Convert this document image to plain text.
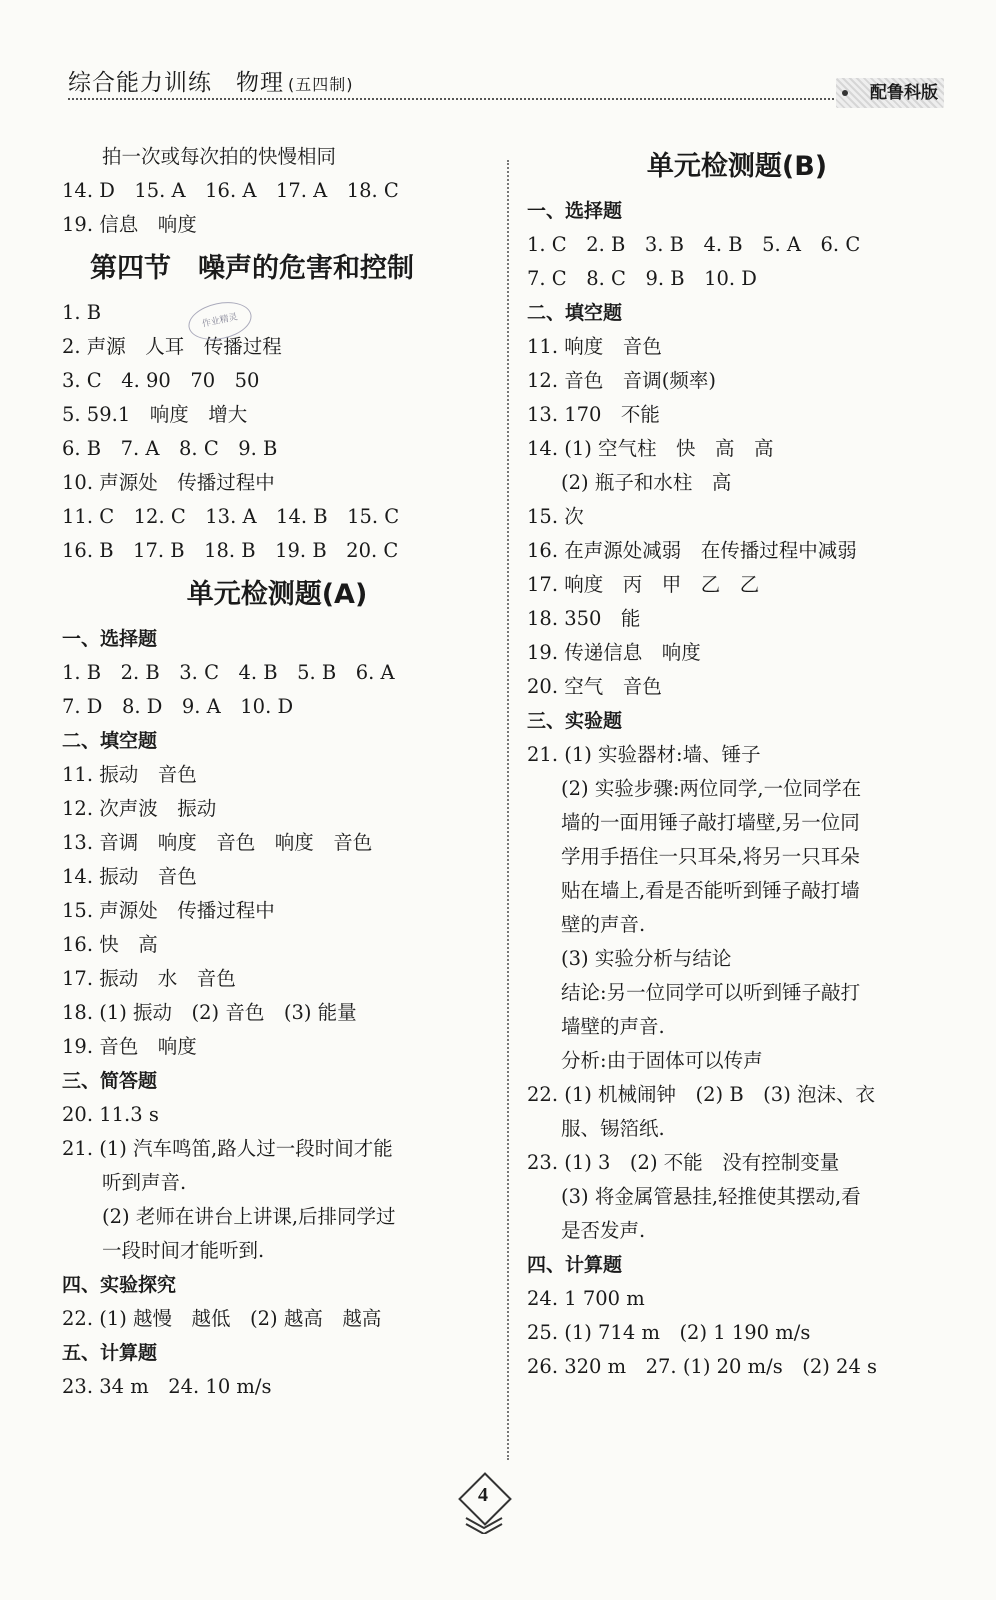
综合能力训练　物理 (五四制)	配鲁科版
拍一次或每次拍的快慢相同
14. D　15. A　16. A　17. A　18. C
19. 信息　响度
第四节　噪声的危害和控制
1. B
2. 声源　人耳　传播过程
3. C　4. 90　70　50
5. 59.1　响度　增大
6. B　7. A　8. C　9. B
10. 声源处　传播过程中
11. C　12. C　13. A　14. B　15. C
16. B　17. B　18. B　19. B　20. C
单元检测题(A)
一、选择题
1. B　2. B　3. C　4. B　5. B　6. A
7. D　8. D　9. A　10. D
二、填空题
11. 振动　音色
12. 次声波　振动
13. 音调　响度　音色　响度　音色
14. 振动　音色
15. 声源处　传播过程中
16. 快　高
17. 振动　水　音色
18. (1) 振动　(2) 音色　(3) 能量
19. 音色　响度
三、简答题
20. 11.3 s
21. (1) 汽车鸣笛,路人过一段时间才能
听到声音.
(2) 老师在讲台上讲课,后排同学过
一段时间才能听到.
四、实验探究
22. (1) 越慢　越低　(2) 越高　越高
五、计算题
23. 34 m　24. 10 m/s
单元检测题(B)
一、选择题
1. C　2. B　3. B　4. B　5. A　6. C
7. C　8. C　9. B　10. D
二、填空题
11. 响度　音色
12. 音色　音调(频率)
13. 170　不能
14. (1) 空气柱　快　高　高
(2) 瓶子和水柱　高
15. 次
16. 在声源处减弱　在传播过程中减弱
17. 响度　丙　甲　乙　乙
18. 350　能
19. 传递信息　响度
20. 空气　音色
三、实验题
21. (1) 实验器材:墙、锤子
(2) 实验步骤:两位同学,一位同学在
墙的一面用锤子敲打墙壁,另一位同
学用手捂住一只耳朵,将另一只耳朵
贴在墙上,看是否能听到锤子敲打墙
壁的声音.
(3) 实验分析与结论
结论:另一位同学可以听到锤子敲打
墙壁的声音.
分析:由于固体可以传声
22. (1) 机械闹钟　(2) B　(3) 泡沫、衣
服、锡箔纸.
23. (1) 3　(2) 不能　没有控制变量
(3) 将金属管悬挂,轻推使其摆动,看
是否发声.
四、计算题
24. 1 700 m
25. (1) 714 m　(2) 1 190 m/s
26. 320 m　27. (1) 20 m/s　(2) 24 s
作业精灵
4
